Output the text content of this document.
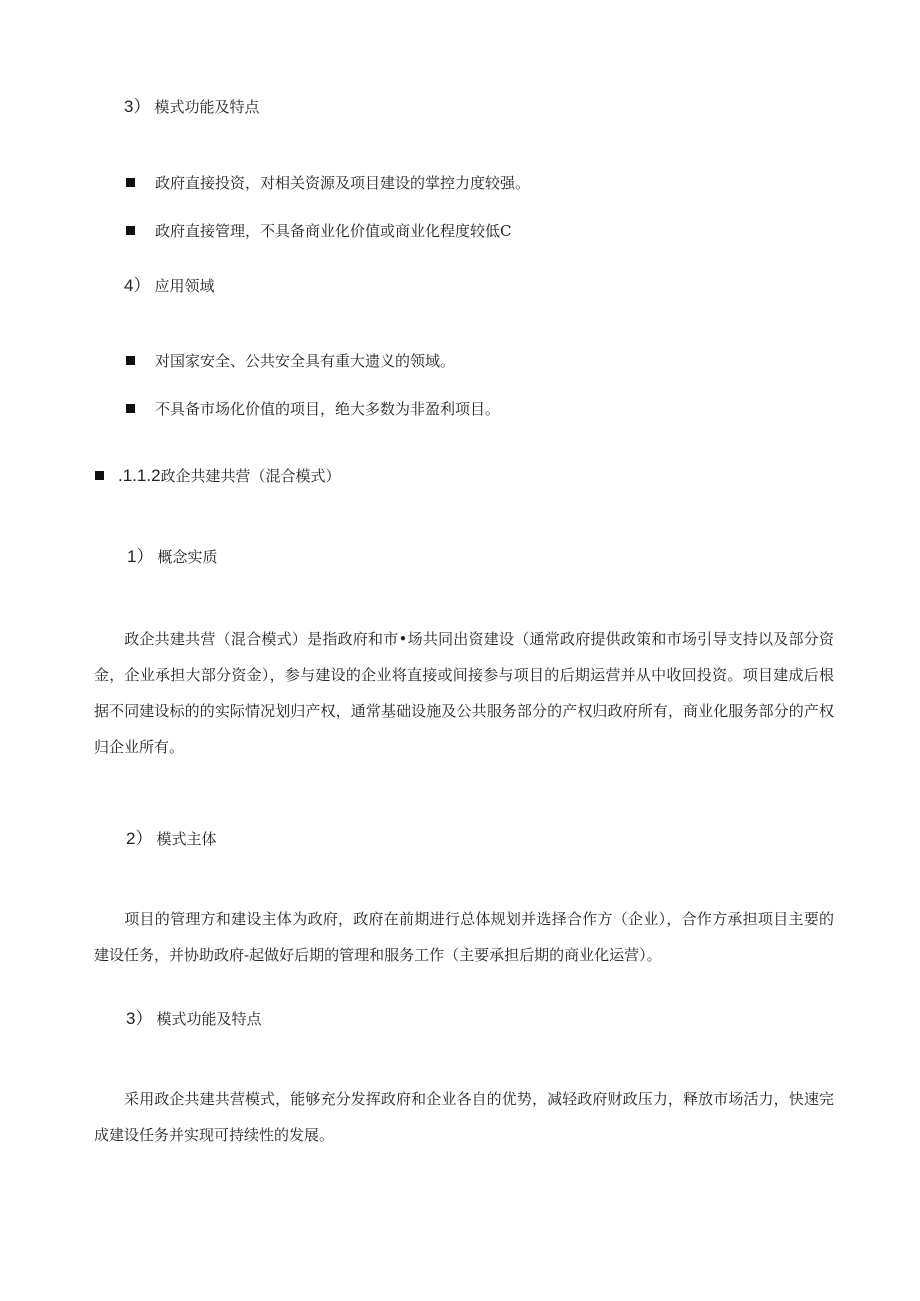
3） 模式功能及特点
政府直接投资，对相关资源及项目建设的掌控力度较强。
政府直接管理，不具备商业化价值或商业化程度较低C
4） 应用领域
对国家安全、公共安全具有重大遗义的领域。
不具备市场化价值的项目，绝大多数为非盈利项目。
.1.1.2政企共建共营（混合模式）
1） 概念实质
政企共建共营（混合模式）是指政府和市•场共同出资建设（通常政府提供政策和市场引导支持以及部分资金，企业承担大部分资金），参与建设的企业将直接或间接参与项目的后期运营并从中收回投资。项目建成后根据不同建设标的的实际情况划归产权，通常基础设施及公共服务部分的产权归政府所有，商业化服务部分的产权归企业所有。
2） 模式主体
项目的管理方和建设主体为政府，政府在前期进行总体规划并选择合作方（企业），合作方承担项目主要的建设任务，并协助政府-起做好后期的管理和服务工作（主要承担后期的商业化运营）。
3） 模式功能及特点
采用政企共建共营模式，能够充分发挥政府和企业各自的优势，减轻政府财政压力，释放市场活力，快速完成建设任务并实现可持续性的发展。
